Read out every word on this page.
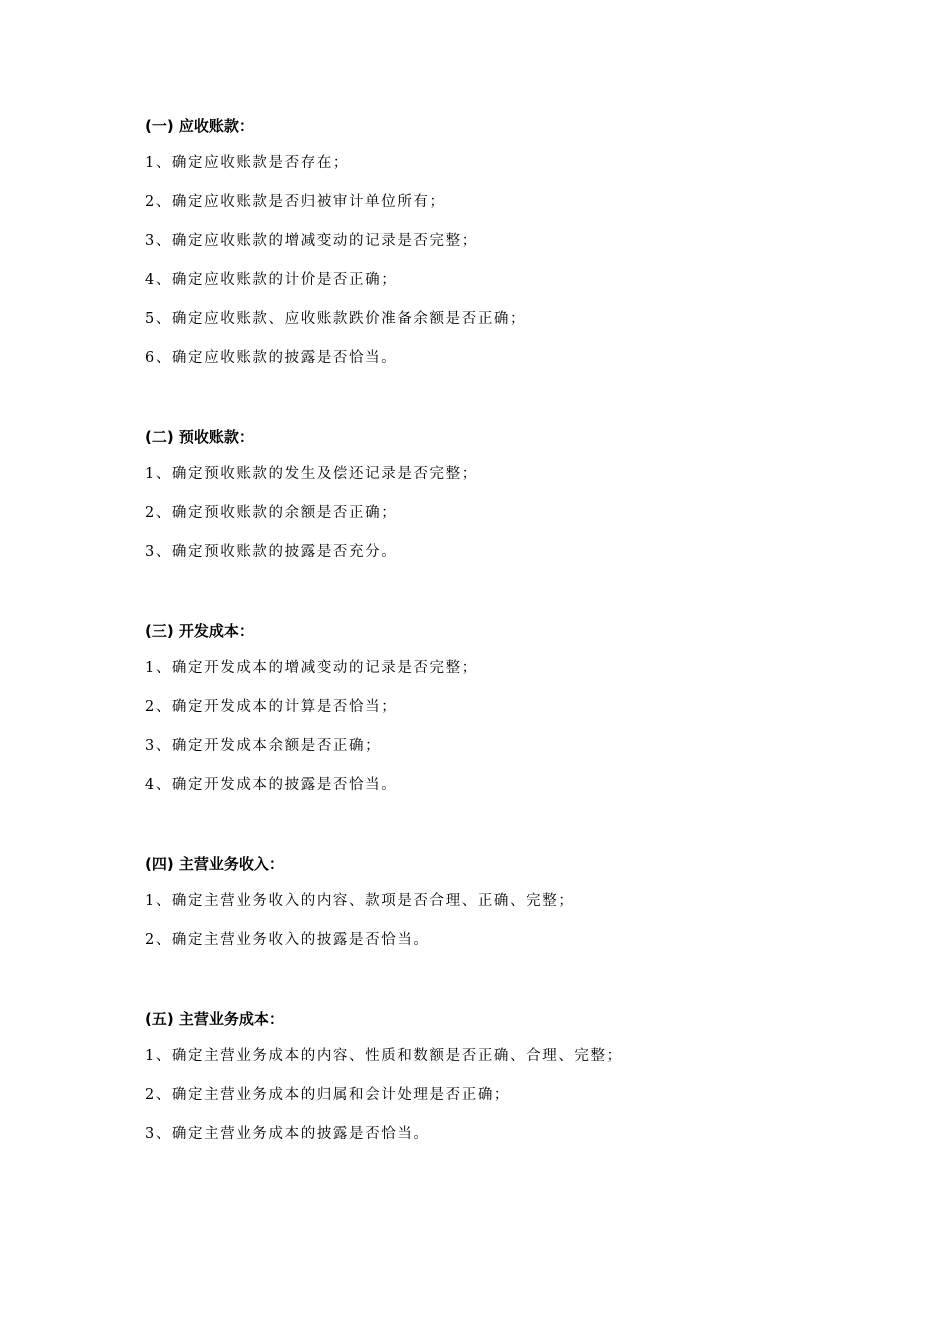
(一) 应收账款：
1、确定应收账款是否存在；
2、确定应收账款是否归被审计单位所有；
3、确定应收账款的增减变动的记录是否完整；
4、确定应收账款的计价是否正确；
5、确定应收账款、应收账款跌价准备余额是否正确；
6、确定应收账款的披露是否恰当。
(二) 预收账款：
1、确定预收账款的发生及偿还记录是否完整；
2、确定预收账款的余额是否正确；
3、确定预收账款的披露是否充分。
(三) 开发成本：
1、确定开发成本的增减变动的记录是否完整；
2、确定开发成本的计算是否恰当；
3、确定开发成本余额是否正确；
4、确定开发成本的披露是否恰当。
(四) 主营业务收入：
1、确定主营业务收入的内容、款项是否合理、正确、完整；
2、确定主营业务收入的披露是否恰当。
(五) 主营业务成本：
1、确定主营业务成本的内容、性质和数额是否正确、合理、完整；
2、确定主营业务成本的归属和会计处理是否正确；
3、确定主营业务成本的披露是否恰当。
